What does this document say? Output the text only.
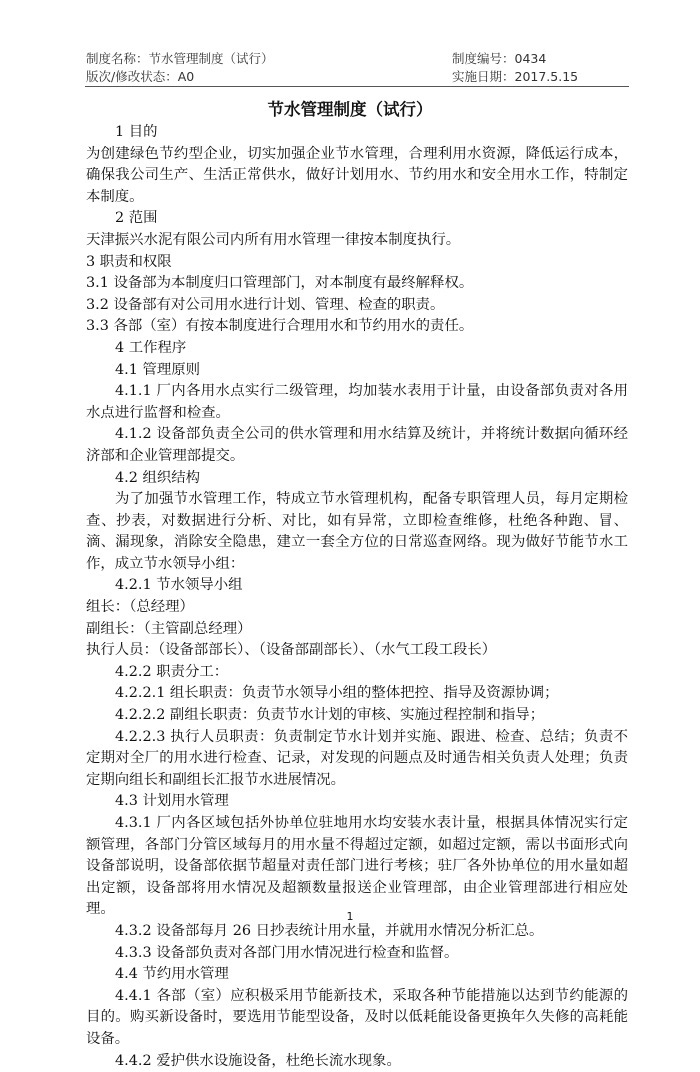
制度名称：节水管理制度（试行）	制度编号：0434
版次/修改状态：A0	实施日期：2017.5.15
节水管理制度（试行）

1 目的

为创建绿色节约型企业，切实加强企业节水管理，合理利用水资源，降低运行成本，确保我公司生产、生活正常供水，做好计划用水、节约用水和安全用水工作，特制定本制度。

2 范围

天津振兴水泥有限公司内所有用水管理一律按本制度执行。

3 职责和权限

3.1 设备部为本制度归口管理部门，对本制度有最终解释权。

3.2 设备部有对公司用水进行计划、管理、检查的职责。

3.3 各部（室）有按本制度进行合理用水和节约用水的责任。

4 工作程序

4.1 管理原则

4.1.1 厂内各用水点实行二级管理，均加装水表用于计量，由设备部负责对各用水点进行监督和检查。

4.1.2 设备部负责全公司的供水管理和用水结算及统计，并将统计数据向循环经济部和企业管理部提交。

4.2 组织结构

为了加强节水管理工作，特成立节水管理机构，配备专职管理人员，每月定期检查、抄表，对数据进行分析、对比，如有异常，立即检查维修，杜绝各种跑、冒、滴、漏现象，消除安全隐患，建立一套全方位的日常巡查网络。现为做好节能节水工作，成立节水领导小组：

4.2.1 节水领导小组

组长：（总经理）

副组长：（主管副总经理）

执行人员：（设备部部长）、（设备部副部长）、（水气工段工段长）

4.2.2 职责分工：

4.2.2.1 组长职责：负责节水领导小组的整体把控、指导及资源协调；

4.2.2.2 副组长职责：负责节水计划的审核、实施过程控制和指导；

4.2.2.3 执行人员职责：负责制定节水计划并实施、跟进、检查、总结；负责不定期对全厂的用水进行检查、记录，对发现的问题点及时通告相关负责人处理；负责定期向组长和副组长汇报节水进展情况。

4.3 计划用水管理

4.3.1 厂内各区域包括外协单位驻地用水均安装水表计量，根据具体情况实行定额管理，各部门分管区域每月的用水量不得超过定额，如超过定额，需以书面形式向设备部说明，设备部依据节超量对责任部门进行考核；驻厂各外协单位的用水量如超出定额，设备部将用水情况及超额数量报送企业管理部，由企业管理部进行相应处理。

4.3.2 设备部每月 26 日抄表统计用水量，并就用水情况分析汇总。

4.3.3 设备部负责对各部门用水情况进行检查和监督。

4.4 节约用水管理

4.4.1 各部（室）应积极采用节能新技术，采取各种节能措施以达到节约能源的目的。购买新设备时，要选用节能型设备，及时以低耗能设备更换年久失修的高耗能设备。

4.4.2 爱护供水设施设备，杜绝长流水现象。

1
